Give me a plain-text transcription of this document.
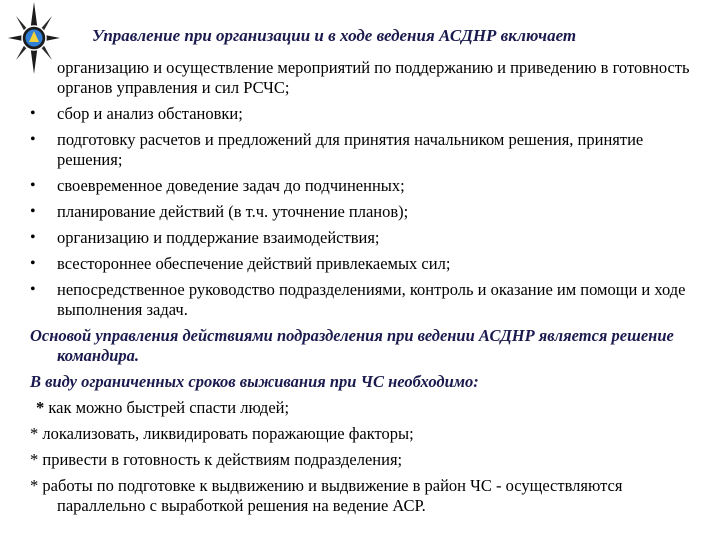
Управление при организации и в ходе ведения АСДНР включает
организацию и осуществление мероприятий по поддержанию и приведению в готовность органов управления и сил РСЧС;
• сбор и анализ обстановки;
• подготовку расчетов и предложений для принятия начальником решения, принятие решения;
• своевременное доведение задач до подчиненных;
• планирование действий (в т.ч. уточнение планов);
• организацию и поддержание взаимодействия;
• всестороннее обеспечение действий привлекаемых сил;
• непосредственное руководство подразделениями, контроль и оказание им помощи и ходе выполнения задач.
Основой управления действиями подразделения при ведении АСДНР является решение командира.
В виду ограниченных сроков выживания при ЧС необходимо:
* как можно быстрей спасти людей;
* локализовать, ликвидировать поражающие факторы;
* привести в готовность к действиям подразделения;
* работы по подготовке к выдвижению и выдвижение в район ЧС - осуществляются параллельно с выработкой решения на ведение АСР.
